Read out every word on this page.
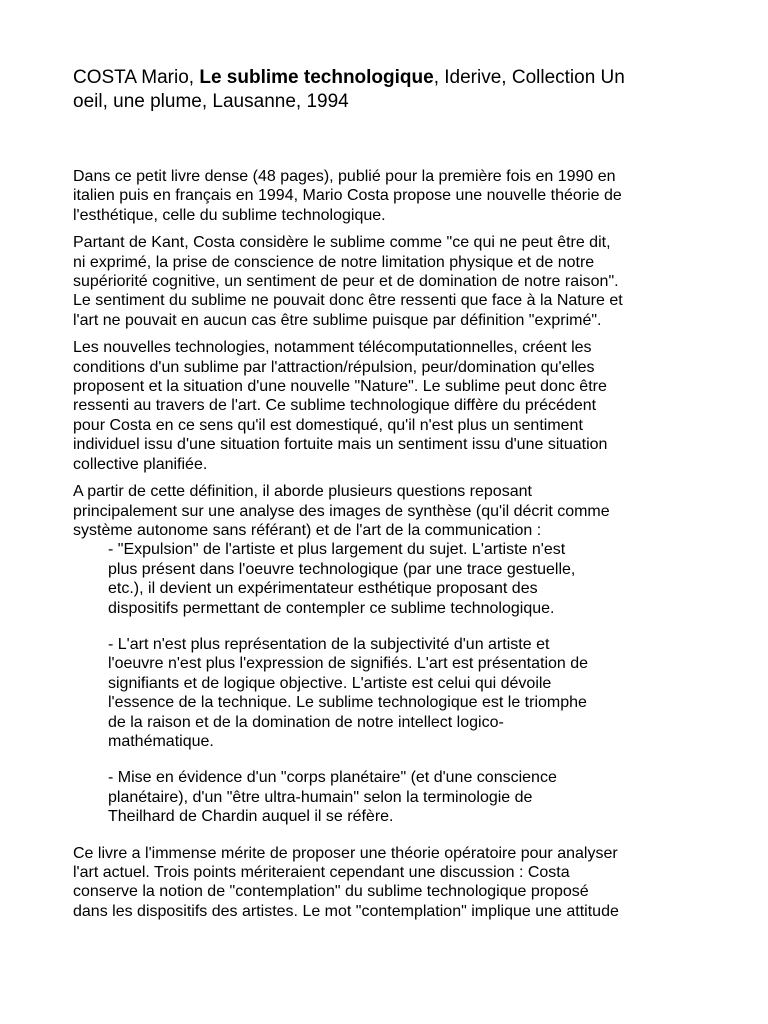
COSTA Mario, Le sublime technologique, Iderive, Collection Un
oeil, une plume, Lausanne, 1994

Dans ce petit livre dense (48 pages), publié pour la première fois en 1990 en
italien puis en français en 1994, Mario Costa propose une nouvelle théorie de
l'esthétique, celle du sublime technologique.

Partant de Kant, Costa considère le sublime comme "ce qui ne peut être dit,
ni exprimé, la prise de conscience de notre limitation physique et de notre
supériorité cognitive, un sentiment de peur et de domination de notre raison".
Le sentiment du sublime ne pouvait donc être ressenti que face à la Nature et
l'art ne pouvait en aucun cas être sublime puisque par définition "exprimé".

Les nouvelles technologies, notamment télécomputationnelles, créent les
conditions d'un sublime par l'attraction/répulsion, peur/domination qu'elles
proposent et la situation d'une nouvelle "Nature". Le sublime peut donc être
ressenti au travers de l'art. Ce sublime technologique diffère du précédent
pour Costa en ce sens qu'il est domestiqué, qu'il n'est plus un sentiment
individuel issu d'une situation fortuite mais un sentiment issu d'une situation
collective planifiée.

A partir de cette définition, il aborde plusieurs questions reposant
principalement sur une analyse des images de synthèse (qu'il décrit comme
système autonome sans référant) et de l'art de la communication :

- "Expulsion" de l'artiste et plus largement du sujet. L'artiste n'est
plus présent dans l'oeuvre technologique (par une trace gestuelle,
etc.), il devient un expérimentateur esthétique proposant des
dispositifs permettant de contempler ce sublime technologique.
- L'art n'est plus représentation de la subjectivité d'un artiste et
l'oeuvre n'est plus l'expression de signifiés. L'art est présentation de
signifiants et de logique objective. L'artiste est celui qui dévoile
l'essence de la technique. Le sublime technologique est le triomphe
de la raison et de la domination de notre intellect logico-
mathématique.
- Mise en évidence d'un "corps planétaire" (et d'une conscience
planétaire), d'un "être ultra-humain" selon la terminologie de
Theilhard de Chardin auquel il se réfère.

Ce livre a l'immense mérite de proposer une théorie opératoire pour analyser
l'art actuel. Trois points mériteraient cependant une discussion : Costa
conserve la notion de "contemplation" du sublime technologique proposé
dans les dispositifs des artistes. Le mot "contemplation" implique une attitude
